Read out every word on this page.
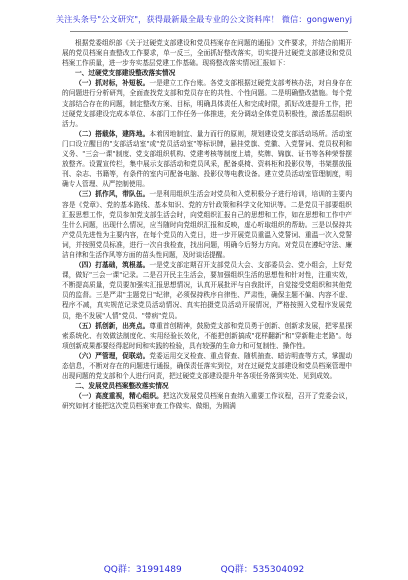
关注头条号"公文研究"，获得最新最全最专业的公文资料库！ 微信：gongwenyj

根据党委组织部《关于过硬党支部建设和党员档案存在问题的通报》文件要求，并结合前期开展的党员档案自查整改工作要求，单一反三，全面抓好整改落实，切实提升过硬党支部建设和党员档案工作质量，进一步夯实基层党建工作基础。现将整改落实情况汇报如下：

一、过硬党支部建设整改落实情况

（一）抓对标，补短板。一是建立工作台账。各党支部根据过硬党支部考核办法，对自身存在的问题进行分析研判，全面查找党支部和党员存在的共性、个性问题。二是明确整改措施。每个党支部结合存在的问题，制定整改方案、目标，明确具体责任人和完成时限，抓好改进提升工作，把过硬党支部建设完成本单位、本部门工作任务一体推进，充分调动全体党员积极性，激活基层组织活力。

（二）搭载体，建阵地。本着因地制宜、量力而行的原则，规划建设党支部活动场所。活动室门口设立醒目的"支部活动室"或"党员活动室"等标识牌，悬挂党旗、党徽、入党誓词、党员权利和义务、"三会一课"制度、党支部组织机构、党建考核等制度上墙，奖牌、锦旗、证书等各种荣誉摆放整齐。设置宣传栏，集中展示支部活动和党员风采，配备桌椅、资料柜和投影仪等，书架摆放报刊、杂志、书籍等，有条件的室内可配备电脑、投影仪等电教设备。建立党员活动室管理制度，明确专人管理、从严控制使用。

（三）抓作风，带队伍。一是利用组织生活会对党员和入党积极分子进行培训，培训的主要内容是《党章》、党的基本路线、基本知识、党的方针政策和科学文化知识等。二是党员干部要组织汇报思想工作，党员参加党支部生活会时，向党组织汇报自己的思想和工作，如在思想和工作中产生什么问题，出现什么情况，应当随时向党组织汇报和反映，虚心听取组织的帮助。三是以保持共产党员先进性为主要内容，在每个党员的入党日，进一步开展党员重温入党誓词、重温一次入党誓词，并按照党员标准，进行一次自我检查，找出问题，明确今后努力方向。对党员在遵纪守法、廉洁自律和生活作风等方面的苗头性问题，及时谈话提醒。

（四）打基础，筑根基。一是党支部定期召开支部党员大会、支部委员会、党小组会，上好党课，做好"三会一课"记录。二是召开民主生活会，要加强组织生活的思想性和针对性，注重实效，不断提高质量，党员要加强实汇报思想情况，认真开展批评与自我批评，自觉接受党组织和其他党员的监督。三是严肃"主题党日"纪律，必须保持秩序自律性、严肃性，确保主题不偏、内容不虚、程序不减，真实规范记录党员活动情况、真实拍摄党员活动开展情况，严格按照入党程序发展党员，绝不发展"人情"党员、"带病"党员。

（五）抓创新，出亮点。尊重首创精神，鼓励党支部和党员勇于创新、创新求发展，把零星探索系统化、有效做法制度化、实用经验长效化，不能把创新搞成"花样翻新"和"穿新鞋走老路"。每项创新成果都要经得起时间和实践的检验，具有较强的生命力和可复制性、操作性。

（六）严管理，促联动。党委运用交叉检查、重点督查、随机抽查、暗访明查等方式，掌握动态信息，不断对存在的问题进行通报，确保责任落实到位，对在过硬党支部建设和党员档案管理中出现问题的党支部和个人进行问责，把过硬党支部建设提升年各项任务落到实处、见到成效。

二、发展党员档案整改落实情况

（一）高度重视，精心组织。把这次发展党员档案自查纳入重要工作议程，召开了党委会议，研究如何才能把这次党员档案审查工作做实、做细，为圆满

QQ群：31991489	QQ群：535304092
